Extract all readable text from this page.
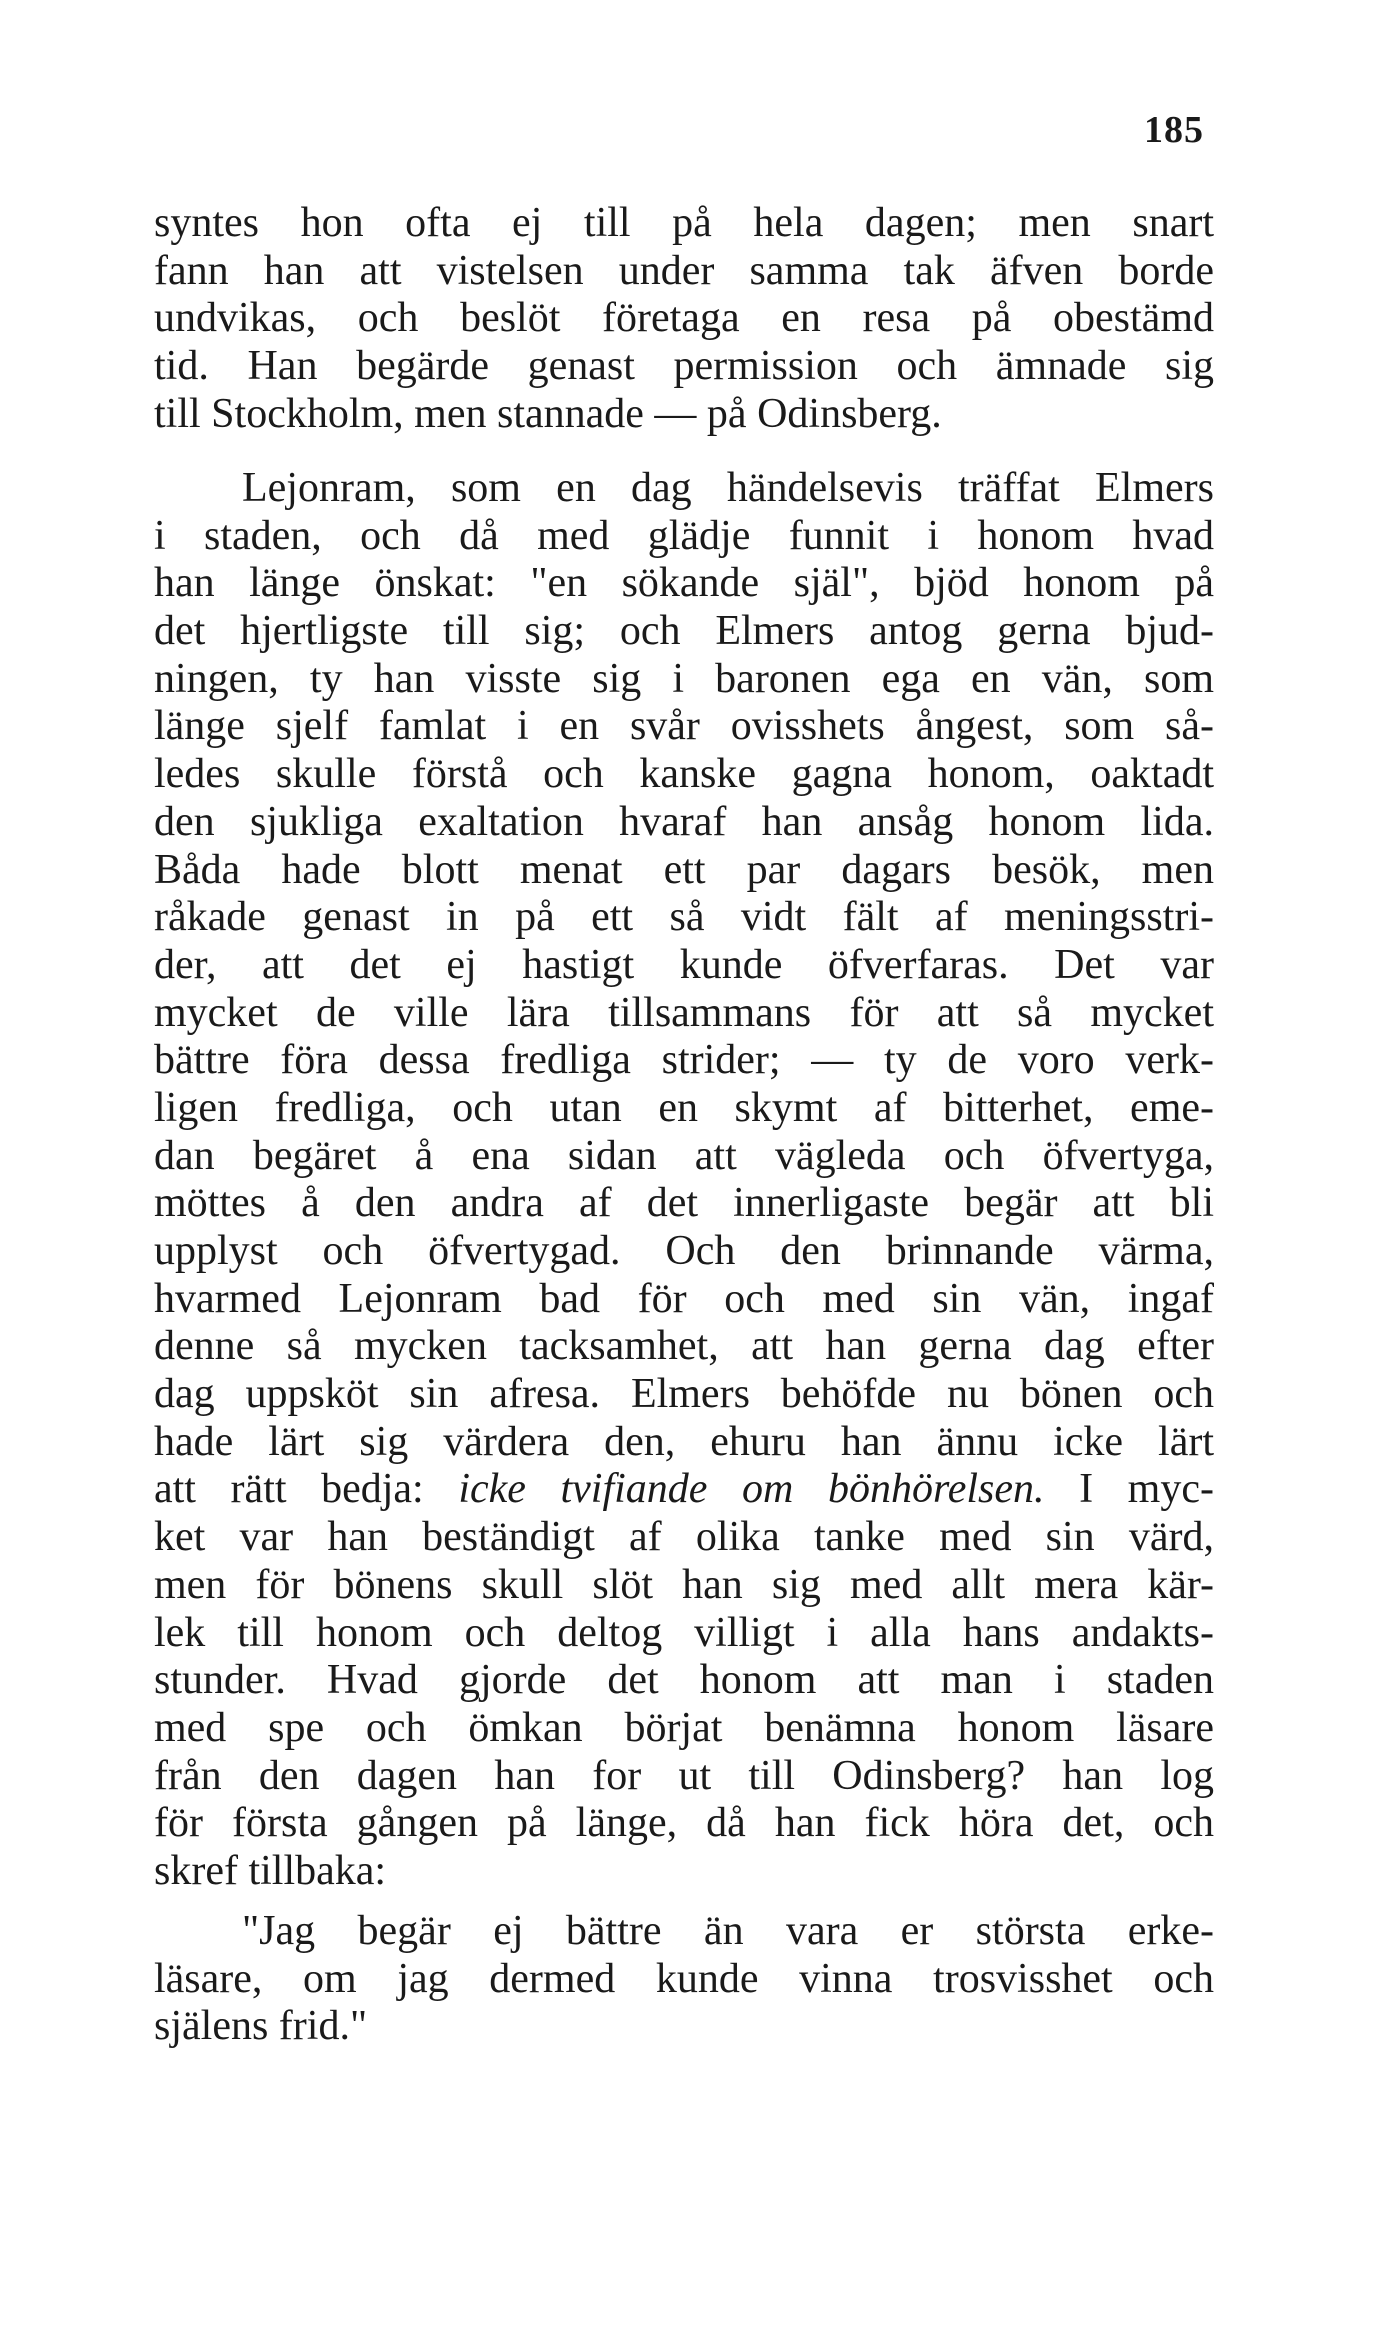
185
syntes hon ofta ej till på hela dagen; men snart
fann han att vistelsen under samma tak äfven borde
undvikas, och beslöt företaga en resa på obestämd
tid. Han begärde genast permission och ämnade sig
till Stockholm, men stannade — på Odinsberg.
Lejonram, som en dag händelsevis träffat Elmers
i staden, och då med glädje funnit i honom hvad
han länge önskat: "en sökande själ", bjöd honom på
det hjertligste till sig; och Elmers antog gerna bjud-
ningen, ty han visste sig i baronen ega en vän, som
länge sjelf famlat i en svår ovisshets ångest, som så-
ledes skulle förstå och kanske gagna honom, oaktadt
den sjukliga exaltation hvaraf han ansåg honom lida.
Båda hade blott menat ett par dagars besök, men
råkade genast in på ett så vidt fält af meningsstri-
der, att det ej hastigt kunde öfverfaras. Det var
mycket de ville lära tillsammans för att så mycket
bättre föra dessa fredliga strider; — ty de voro verk-
ligen fredliga, och utan en skymt af bitterhet, eme-
dan begäret å ena sidan att vägleda och öfvertyga,
möttes å den andra af det innerligaste begär att bli
upplyst och öfvertygad. Och den brinnande värma,
hvarmed Lejonram bad för och med sin vän, ingaf
denne så mycken tacksamhet, att han gerna dag efter
dag uppsköt sin afresa. Elmers behöfde nu bönen och
hade lärt sig värdera den, ehuru han ännu icke lärt
att rätt bedja: icke tvifiande om bönhörelsen. I myc-
ket var han beständigt af olika tanke med sin värd,
men för bönens skull slöt han sig med allt mera kär-
lek till honom och deltog villigt i alla hans andakts-
stunder. Hvad gjorde det honom att man i staden
med spe och ömkan börjat benämna honom läsare
från den dagen han for ut till Odinsberg? han log
för första gången på länge, då han fick höra det, och
skref tillbaka:
"Jag begär ej bättre än vara er största erke-
läsare, om jag dermed kunde vinna trosvisshet och
själens frid."
